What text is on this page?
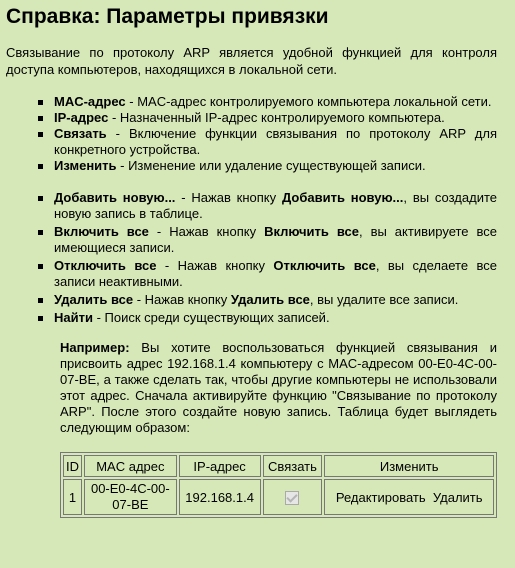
Справка: Параметры привязки

Связывание по протоколу ARP является удобной функцией для контроля доступа компьютеров, находящихся в локальной сети.

MAC-адрес - MAC-адрес контролируемого компьютера локальной сети.
IP-адрес - Назначенный IP-адрес контролируемого компьютера.
Связать - Включение функции связывания по протоколу ARP для конкретного устройства.
Изменить - Изменение или удаление существующей записи.
Добавить новую... - Нажав кнопку Добавить новую..., вы создадите новую запись в таблице.
Включить все - Нажав кнопку Включить все, вы активируете все имеющиеся записи.
Отключить все - Нажав кнопку Отключить все, вы сделаете все записи неактивными.
Удалить все - Нажав кнопку Удалить все, вы удалите все записи.
Найти - Поиск среди существующих записей.
Например: Вы хотите воспользоваться функцией связывания и присвоить адрес 192.168.1.4 компьютеру с MAC-адресом 00-E0-4C-00-07-BE, а также сделать так, чтобы другие компьютеры не использовали этот адрес. Сначала активируйте функцию "Связывание по протоколу ARP". После этого создайте новую запись. Таблица будет выглядеть следующим образом:
ID	MAC адрес	IP-адрес	Связать	Изменить
1	00-E0-4C-00-07-BE	192.168.1.4		Редактировать Удалить
